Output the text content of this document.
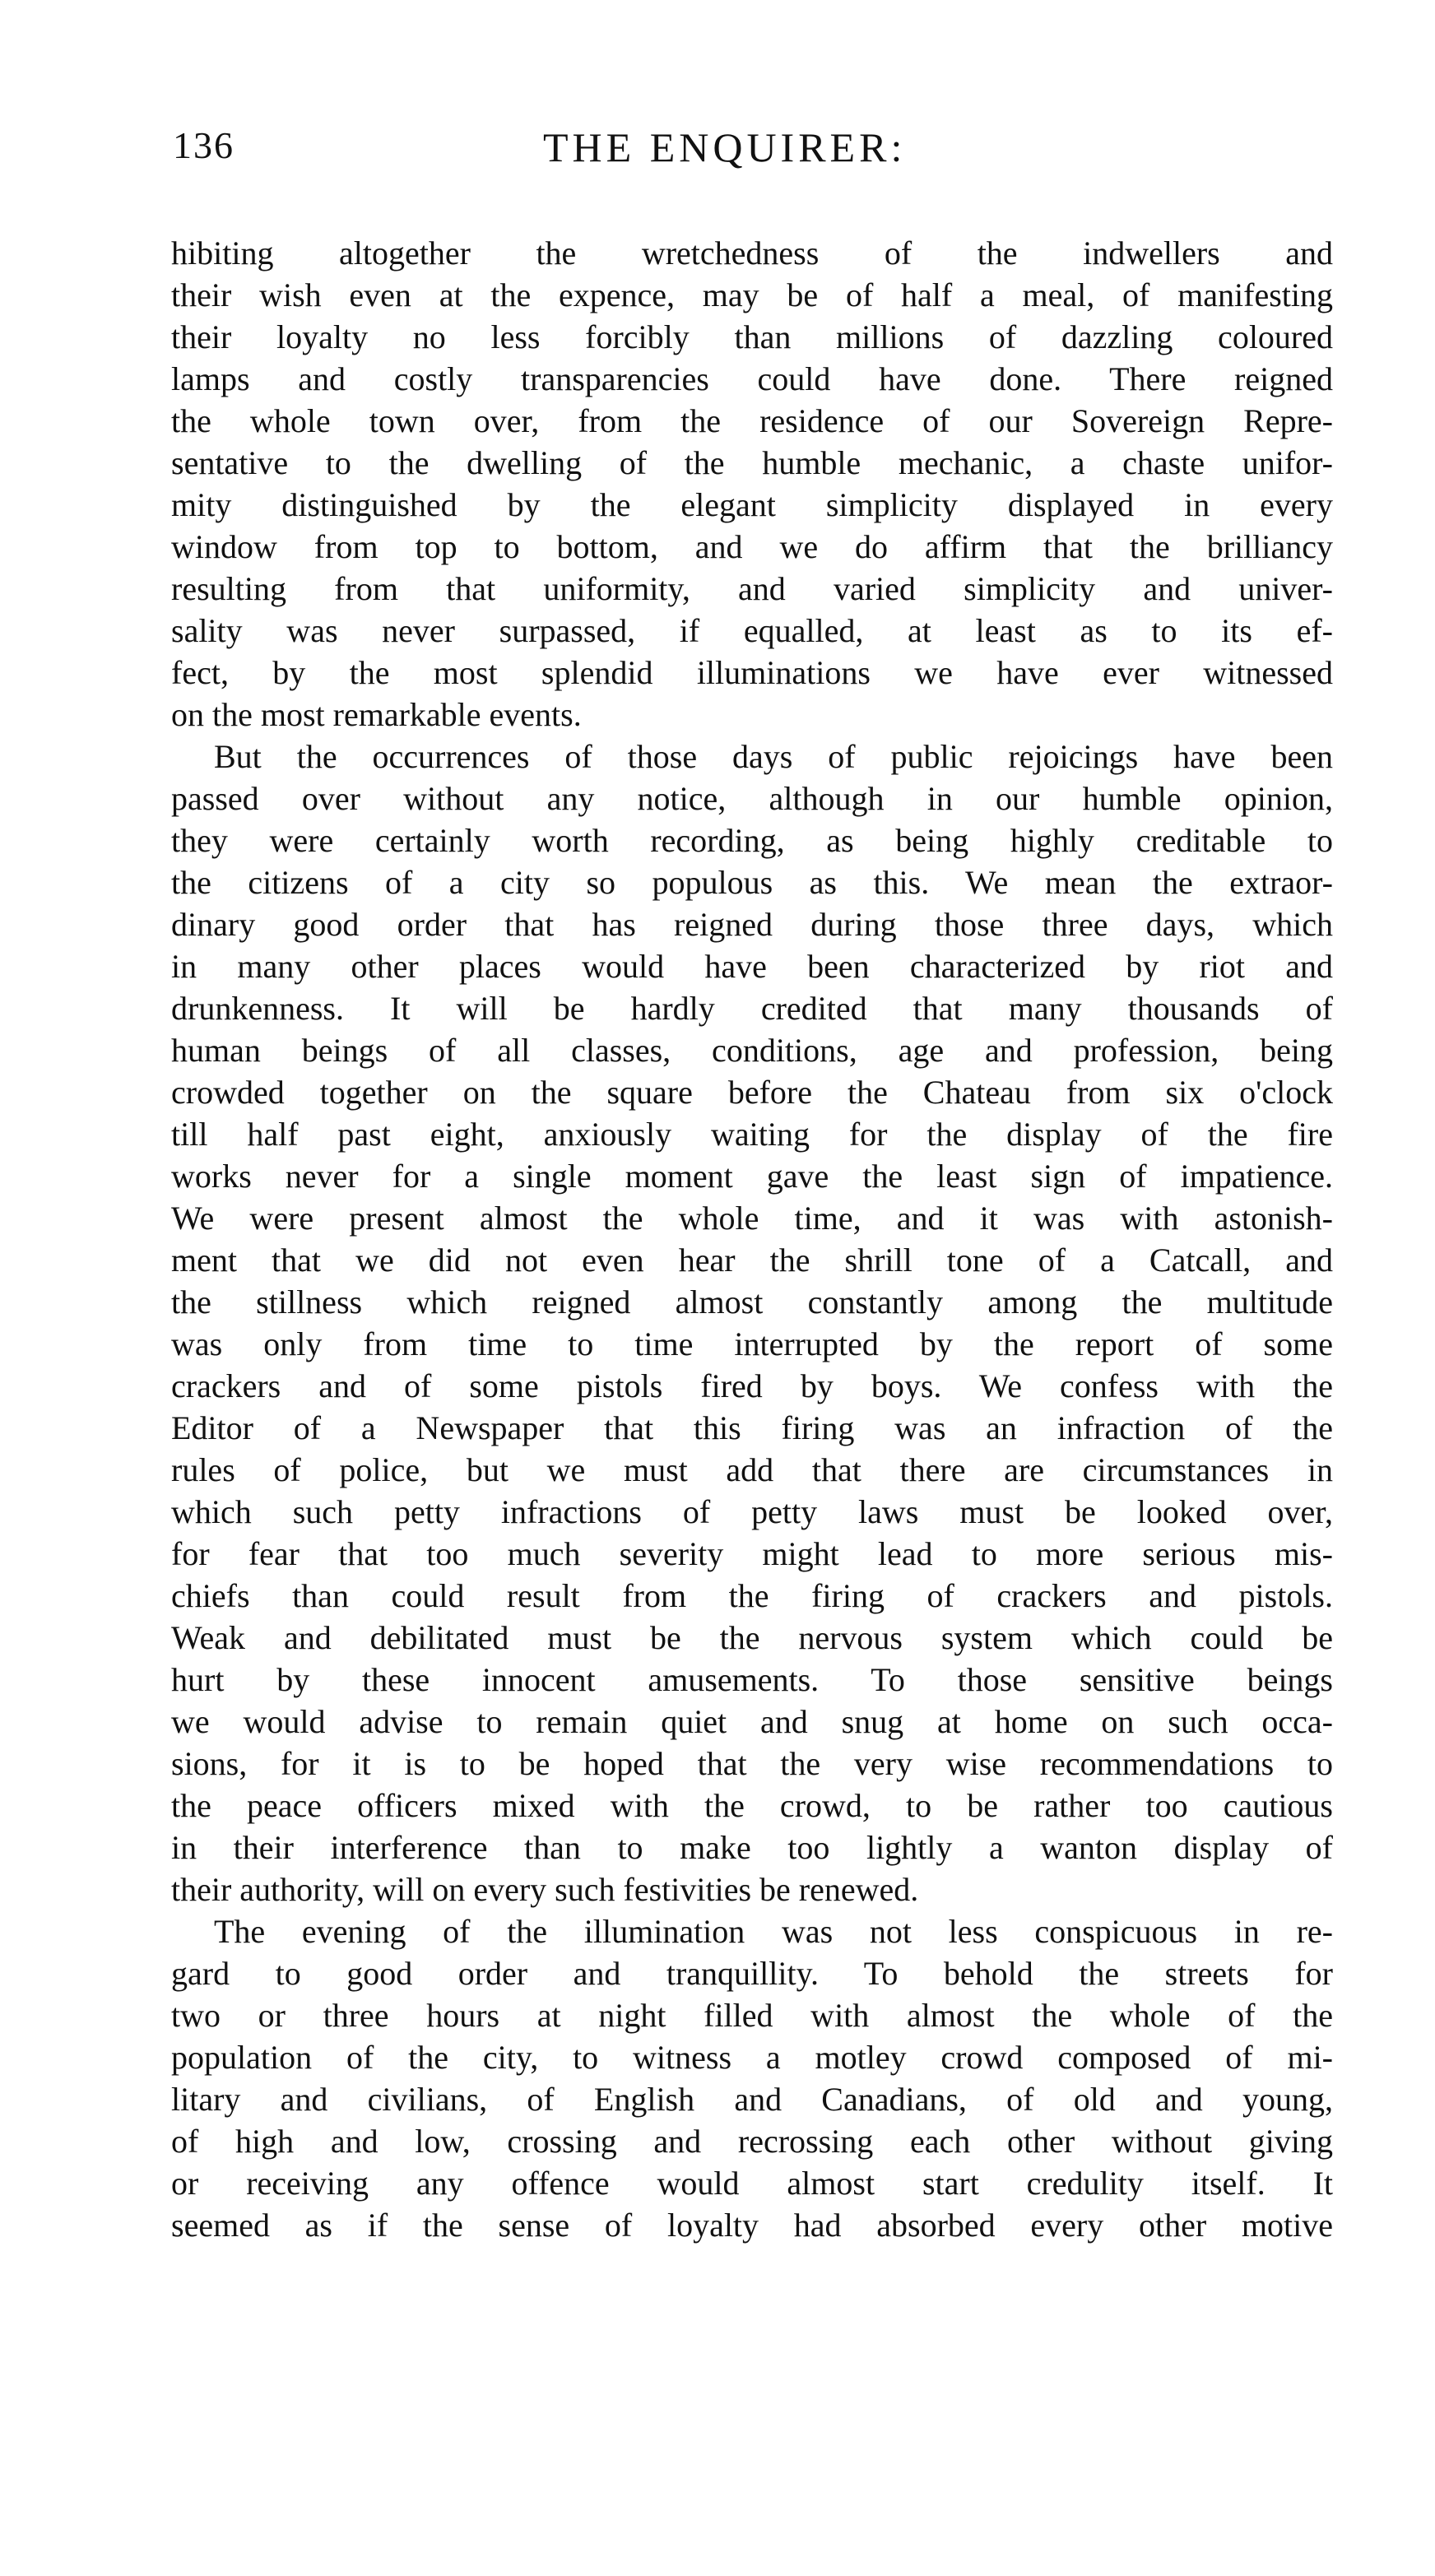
136	THE ENQUIRER:
hibiting altogether the wretchedness of the indwellers and
their wish even at the expence, may be of half a meal, of manifesting
their loyalty no less forcibly than millions of dazzling coloured
lamps and costly transparencies could have done. There reigned
the whole town over, from the residence of our Sovereign Repre-
sentative to the dwelling of the humble mechanic, a chaste unifor-
mity distinguished by the elegant simplicity displayed in every
window from top to bottom, and we do affirm that the brilliancy
resulting from that uniformity, and varied simplicity and univer-
sality was never surpassed, if equalled, at least as to its ef-
fect, by the most splendid illuminations we have ever witnessed
on the most remarkable events.
But the occurrences of those days of public rejoicings have been
passed over without any notice, although in our humble opinion,
they were certainly worth recording, as being highly creditable to
the citizens of a city so populous as this. We mean the extraor-
dinary good order that has reigned during those three days, which
in many other places would have been characterized by riot and
drunkenness. It will be hardly credited that many thousands of
human beings of all classes, conditions, age and profession, being
crowded together on the square before the Chateau from six o'clock
till half past eight, anxiously waiting for the display of the fire
works never for a single moment gave the least sign of impatience.
We were present almost the whole time, and it was with astonish-
ment that we did not even hear the shrill tone of a Catcall, and
the stillness which reigned almost constantly among the multitude
was only from time to time interrupted by the report of some
crackers and of some pistols fired by boys. We confess with the
Editor of a Newspaper that this firing was an infraction of the
rules of police, but we must add that there are circumstances in
which such petty infractions of petty laws must be looked over,
for fear that too much severity might lead to more serious mis-
chiefs than could result from the firing of crackers and pistols.
Weak and debilitated must be the nervous system which could be
hurt by these innocent amusements. To those sensitive beings
we would advise to remain quiet and snug at home on such occa-
sions, for it is to be hoped that the very wise recommendations to
the peace officers mixed with the crowd, to be rather too cautious
in their interference than to make too lightly a wanton display of
their authority, will on every such festivities be renewed.
The evening of the illumination was not less conspicuous in re-
gard to good order and tranquillity. To behold the streets for
two or three hours at night filled with almost the whole of the
population of the city, to witness a motley crowd composed of mi-
litary and civilians, of English and Canadians, of old and young,
of high and low, crossing and recrossing each other without giving
or receiving any offence would almost start credulity itself. It
seemed as if the sense of loyalty had absorbed every other motive
